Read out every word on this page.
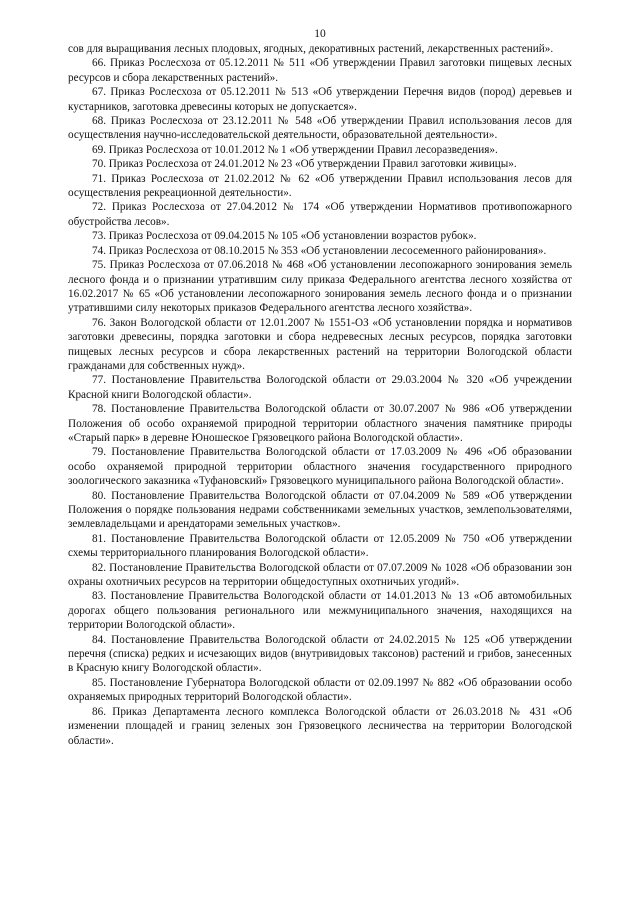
10

сов для выращивания лесных плодовых, ягодных, декоративных растений, лекарственных растений».

66. Приказ Рослесхоза от 05.12.2011 № 511 «Об утверждении Правил заготовки пищевых лесных ресурсов и сбора лекарственных растений».

67. Приказ Рослесхоза от 05.12.2011 № 513 «Об утверждении Перечня видов (пород) деревьев и кустарников, заготовка древесины которых не допускается».

68. Приказ Рослесхоза от 23.12.2011 № 548 «Об утверждении Правил использования лесов для осуществления научно-исследовательской деятельности, образовательной деятельности».

69. Приказ Рослесхоза от 10.01.2012 № 1 «Об утверждении Правил лесоразведения».

70. Приказ Рослесхоза от 24.01.2012 № 23 «Об утверждении Правил заготовки живицы».

71. Приказ Рослесхоза от 21.02.2012 № 62 «Об утверждении Правил использования лесов для осуществления рекреационной деятельности».

72. Приказ Рослесхоза от 27.04.2012 № 174 «Об утверждении Нормативов противопожарного обустройства лесов».

73. Приказ Рослесхоза от 09.04.2015 № 105 «Об установлении возрастов рубок».

74. Приказ Рослесхоза от 08.10.2015 № 353 «Об установлении лесосеменного районирования».

75. Приказ Рослесхоза от 07.06.2018 № 468 «Об установлении лесопожарного зонирования земель лесного фонда и о признании утратившим силу приказа Федерального агентства лесного хозяйства от 16.02.2017 № 65 «Об установлении лесопожарного зонирования земель лесного фонда и о признании утратившими силу некоторых приказов Федерального агентства лесного хозяйства».

76. Закон Вологодской области от 12.01.2007 № 1551-ОЗ «Об установлении порядка и нормативов заготовки древесины, порядка заготовки и сбора недревесных лесных ресурсов, порядка заготовки пищевых лесных ресурсов и сбора лекарственных растений на территории Вологодской области гражданами для собственных нужд».

77. Постановление Правительства Вологодской области от 29.03.2004 № 320 «Об учреждении Красной книги Вологодской области».

78. Постановление Правительства Вологодской области от 30.07.2007 № 986 «Об утверждении Положения об особо охраняемой природной территории областного значения памятнике природы «Старый парк» в деревне Юношеское Грязовецкого района Вологодской области».

79. Постановление Правительства Вологодской области от 17.03.2009 № 496 «Об образовании особо охраняемой природной территории областного значения государственного природного зоологического заказника «Туфановский» Грязовецкого муниципального района Вологодской области».

80. Постановление Правительства Вологодской области от 07.04.2009 № 589 «Об утверждении Положения о порядке пользования недрами собственниками земельных участков, землепользователями, землевладельцами и арендаторами земельных участков».

81. Постановление Правительства Вологодской области от 12.05.2009 № 750 «Об утверждении схемы территориального планирования Вологодской области».

82. Постановление Правительства Вологодской области от 07.07.2009 № 1028 «Об образовании зон охраны охотничьих ресурсов на территории общедоступных охотничьих угодий».

83. Постановление Правительства Вологодской области от 14.01.2013 № 13 «Об автомобильных дорогах общего пользования регионального или межмуниципального значения, находящихся на территории Вологодской области».

84. Постановление Правительства Вологодской области от 24.02.2015 № 125 «Об утверждении перечня (списка) редких и исчезающих видов (внутривидовых таксонов) растений и грибов, занесенных в Красную книгу Вологодской области».

85. Постановление Губернатора Вологодской области от 02.09.1997 № 882 «Об образовании особо охраняемых природных территорий Вологодской области».

86. Приказ Департамента лесного комплекса Вологодской области от 26.03.2018 № 431 «Об изменении площадей и границ зеленых зон Грязовецкого лесничества на территории Вологодской области».
